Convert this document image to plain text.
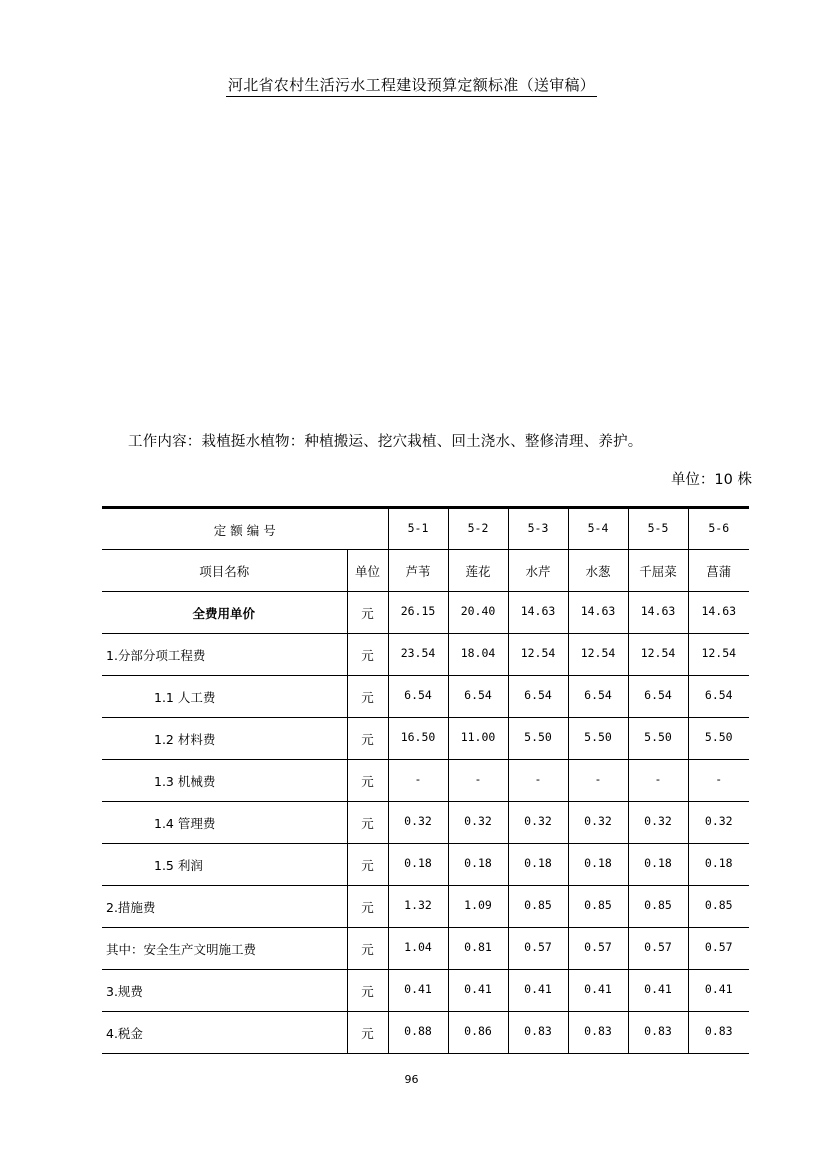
河北省农村生活污水工程建设预算定额标准（送审稿）
工作内容：栽植挺水植物：种植搬运、挖穴栽植、回土浇水、整修清理、养护。
单位：10 株
定 额 编 号		5-1	5-2	5-3	5-4	5-5	5-6
项目名称	单位	芦苇	莲花	水芹	水葱	千屈菜	菖蒲
全费用单价	元	26.15	20.40	14.63	14.63	14.63	14.63
1.分部分项工程费	元	23.54	18.04	12.54	12.54	12.54	12.54
1.1 人工费	元	6.54	6.54	6.54	6.54	6.54	6.54
1.2 材料费	元	16.50	11.00	5.50	5.50	5.50	5.50
1.3 机械费	元	-	-	-	-	-	-
1.4 管理费	元	0.32	0.32	0.32	0.32	0.32	0.32
1.5 利润	元	0.18	0.18	0.18	0.18	0.18	0.18
2.措施费	元	1.32	1.09	0.85	0.85	0.85	0.85
其中：安全生产文明施工费	元	1.04	0.81	0.57	0.57	0.57	0.57
3.规费	元	0.41	0.41	0.41	0.41	0.41	0.41
4.税金	元	0.88	0.86	0.83	0.83	0.83	0.83
96
